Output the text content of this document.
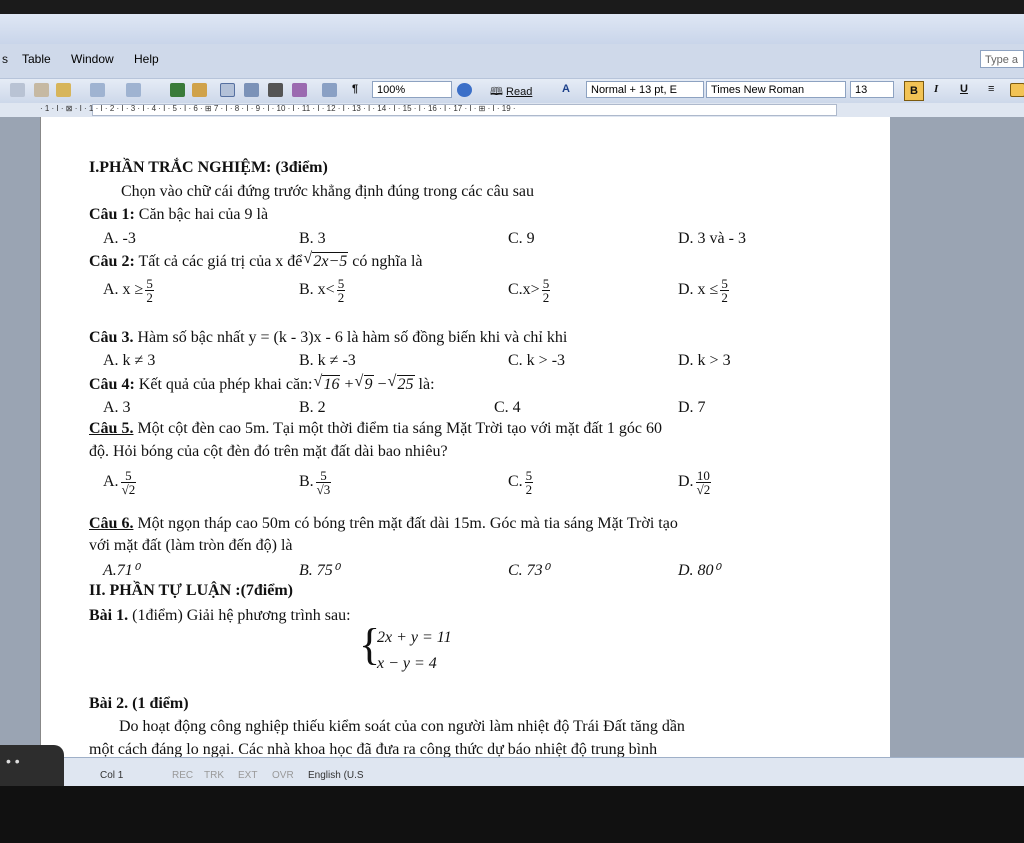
s Table Window Help	Type a
¶	100%	🕮 Read	A	Normal + 13 pt, E	Times New Roman	13	B	I U ≡
· 1 · I · ⊠ · I · 1 · I · 2 · I · 3 · I · 4 · I · 5 · I · 6 · ⊞ 7 · I · 8 · I · 9 · I · 10 · I · 11 · I · 12 · I · 13 · I · 14 · I · 15 · I · 16 · I · 17 · I · ⊞ · I · 19 ·
I.PHẦN TRẮC NGHIỆM: (3điểm)
Chọn vào chữ cái đứng trước khẳng định đúng trong các câu sau
Câu 1: Căn bậc hai của 9 là
A. -3	B. 3	C. 9	D. 3 và - 3
Câu 2: Tất cả các giá trị của x để √ 2x−5 có nghĩa là
A. $x \ge \frac{5}{2}$	B. $x< \frac{5}{2}$	$C.x> \frac{5}{2}$	D. $x \le \frac{5}{2}$
Câu 3. Hàm số bậc nhất y = (k - 3)x - 6 là hàm số đồng biến khi và chỉ khi
A. k ≠ 3	B. k ≠ -3	C. k > -3	D. k > 3
Câu 4: Kết quả của phép khai căn: √ 16 + √ 9 − √ 25 là:
A. 3	B. 2	C. 4	D. 7
Câu 5. Một cột đèn cao 5m. Tại một thời điểm tia sáng Mặt Trời tạo với mặt đất 1 góc 60
độ. Hỏi bóng của cột đèn đó trên mặt đất dài bao nhiêu?
A. $\frac{5}{√2}$	B. $\frac{5}{√3}$	C. $\frac{5}{2}$	D. $\frac{10}{√2}$
Câu 6. Một ngọn tháp cao 50m có bóng trên mặt đất dài 15m. Góc mà tia sáng Mặt Trời tạo
với mặt đất (làm tròn đến độ) là
A.71⁰	B. 75⁰	C. 73⁰	D. 80⁰
II. PHẦN TỰ LUẬN :(7điểm)
Bài 1. (1điểm) Giải hệ phương trình sau:
{
2x + y = 11
x − y = 4
Bài 2. (1 điểm)
Do hoạt động công nghiệp thiếu kiểm soát của con người làm nhiệt độ Trái Đất tăng dần
một cách đáng lo ngại. Các nhà khoa học đã đưa ra công thức dự báo nhiệt độ trung bình
Col 1	REC TRK EXT OVR English (U.S
• •
